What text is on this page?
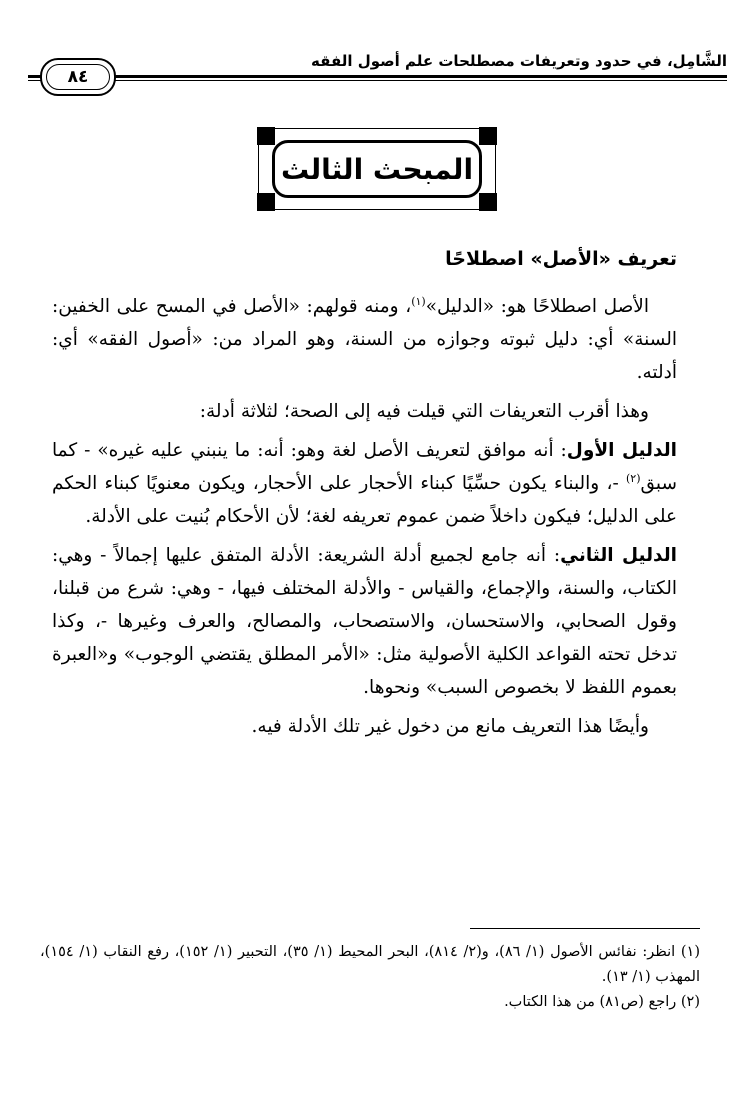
الشَّامِل، في حدود وتعريفات مصطلحات علم أصول الفقه
٨٤
المبحث الثالث
تعريف «الأصل» اصطلاحًا

الأصل اصطلاحًا هو: «الدليل»$^{(١)}$، ومنه قولهم: «الأصل في المسح على الخفين: السنة» أي: دليل ثبوته وجوازه من السنة، وهو المراد من: «أصول الفقه» أي: أدلته.

وهذا أقرب التعريفات التي قيلت فيه إلى الصحة؛ لثلاثة أدلة:

الدليل الأول: أنه موافق لتعريف الأصل لغة وهو: أنه: ما ينبني عليه غيره» - كما سبق$^{(٢)}$ -، والبناء يكون حسِّيًا كبناء الأحجار على الأحجار، ويكون معنويًا كبناء الحكم على الدليل؛ فيكون داخلاً ضمن عموم تعريفه لغة؛ لأن الأحكام بُنيت على الأدلة.

الدليل الثاني: أنه جامع لجميع أدلة الشريعة: الأدلة المتفق عليها إجمالاً - وهي: الكتاب، والسنة، والإجماع، والقياس - والأدلة المختلف فيها، - وهي: شرع من قبلنا، وقول الصحابي، والاستحسان، والاستصحاب، والمصالح، والعرف وغيرها -، وكذا تدخل تحته القواعد الكلية الأصولية مثل: «الأمر المطلق يقتضي الوجوب» و«العبرة بعموم اللفظ لا بخصوص السبب» ونحوها.

وأيضًا هذا التعريف مانع من دخول غير تلك الأدلة فيه.

(١) انظر: نفائس الأصول (١/ ٨٦)، و(٢/ ٨١٤)، البحر المحيط (١/ ٣٥)، التحبير (١/ ١٥٢)، رفع النقاب (١/ ١٥٤)، المهذب (١/ ١٣).

(٢) راجع (ص٨١) من هذا الكتاب.
